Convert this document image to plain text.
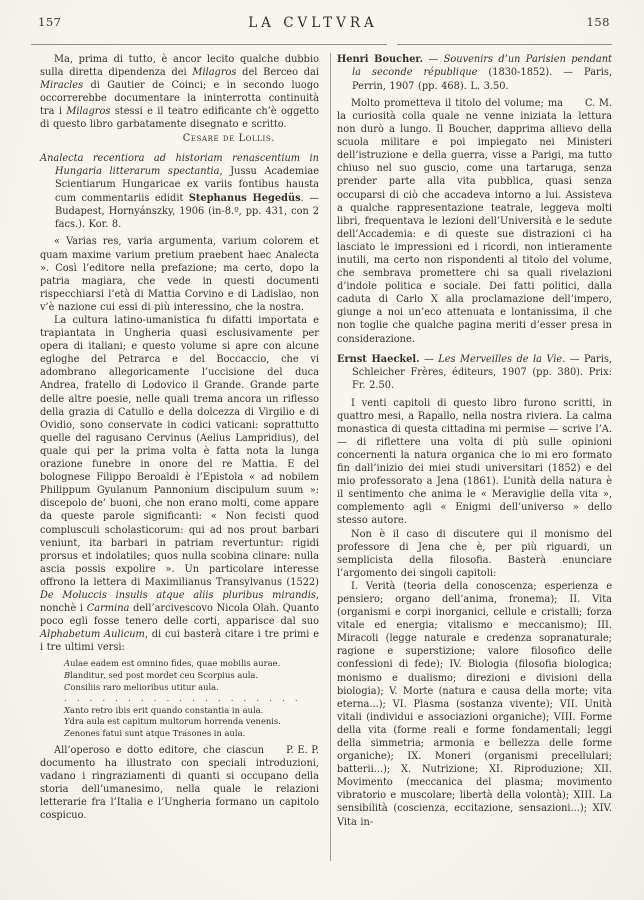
157	LA CVLTVRA	158

Ma, prima di tutto, è ancor lecito qualche dubbio sulla diretta dipendenza dei Milagros del Berceo dai Miracles di Gautier de Coinci; e in secondo luogo occorrerebbe documentare la ininterrotta continuità tra i Milagros stessi e il teatro edificante ch’è oggetto di questo libro garbatamente disegnato e scritto.

Cesare de Lollis.

Analecta recentiora ad historiam renascentium in Hungaria litterarum spectantia, Jussu Academiae Scientiarum Hungaricae ex variis fontibus hausta cum commentariis edidit Stephanus Hegedüs. — Budapest, Hornyánszky, 1906 (in-8.º, pp. 431, con 2 facs.). Kor. 8.

« Varias res, varia argumenta, varium colorem et quam maxime varium pretium praebent haec Analecta ». Così l’editore nella prefazione; ma certo, dopo la patria magiara, che vede in questi documenti rispecchiarsi l’età di Mattia Corvino e di Ladislao, non v’è nazione cui essi di più interessino, che la nostra.

La cultura latino-umanistica fu difatti importata e trapiantata in Ungheria quasi esclusivamente per opera di italiani; e questo volume si apre con alcune egloghe del Petrarca e del Boccaccio, che vi adombrano allegoricamente l’uccisione del duca Andrea, fratello di Lodovico il Grande. Grande parte delle altre poesie, nelle quali trema ancora un riflesso della grazia di Catullo e della dolcezza di Virgilio e di Ovidio, sono conservate in codici vaticani: soprattutto quelle del ragusano Cervinus (Aelius Lampridius), del quale qui per la prima volta è fatta nota la lunga orazione funebre in onore del re Mattia. E del bolognese Filippo Beroaldi è l’Epistola « ad nobilem Philippum Gyulanum Pannonium discipulum suum »: discepolo de’ buoni, che non erano molti, come appare da queste parole significanti: « Non fecisti quod complusculi scholasticorum: qui ad nos prout barbari veniunt, ita barbari in patriam revertuntur: rigidi prorsus et indolatiles; quos nulla scobina clinare: nulla ascia possis expolire ». Un particolare interesse offrono la lettera di Maximilianus Transylvanus (1522) De Moluccis insulis atque aliis pluribus mirandis, nonchè i Carmina dell’arcivescovo Nicola Olah. Quanto poco egli fosse tenero delle corti, apparisce dal suo Alphabetum Aulicum, di cui basterà citare i tre primi e i tre ultimi versi:

Aulae eadem est omnino fides, quae mobilis aurae.
Blanditur, sed post mordet ceu Scorpius aula.
Consiliis raro melioribus utitur aula.
. . . . . . . . . . . . . . . . . . .
Xanto retro ibis erit quando constantia in aula.
Ydra aula est capitum multorum horrenda venenis.
Zenones fatui sunt atque Trasones in aula.

P. E. P.
All’operoso e dotto editore, che ciascun documento ha illustrato con speciali introduzioni, vadano i ringraziamenti di quanti si occupano della storia dell’umanesimo, nella quale le relazioni letterarie fra l’Italia e l’Ungheria formano un capitolo cospicuo.

Henri Boucher. — Souvenirs d’un Parisien pendant la seconde république (1830-1852). — Paris, Perrin, 1907 (pp. 468). L. 3.50.

C. M.
Molto prometteva il titolo del volume; ma la curiosità colla quale ne venne iniziata la lettura non durò a lungo. Il Boucher, dapprima allievo della scuola militare e poi impiegato nei Ministeri dell’istruzione e della guerra, visse a Parigi, ma tutto chiuso nel suo guscio, come una tartaruga, senza prender parte alla vita pubblica, quasi senza occuparsi di ciò che accadeva intorno a lui. Assisteva a qualche rappresentazione teatrale, leggeva molti libri, frequentava le lezioni dell’Università e le sedute dell’Accademia: e di queste sue distrazioni ci ha lasciato le impressioni ed i ricordi, non intieramente inutili, ma certo non rispondenti al titolo del volume, che sembrava promettere chi sa quali rivelazioni d’indole politica e sociale. Dei fatti politici, dalla caduta di Carlo X alla proclamazione dell’impero, giunge a noi un’eco attenuata e lontanissima, il che non toglie che qualche pagina meriti d’esser presa in considerazione.

Ernst Haeckel. — Les Merveilles de la Vie. — Paris, Schleicher Frères, éditeurs, 1907 (pp. 380). Prix: Fr. 2.50.

I venti capitoli di questo libro furono scritti, in quattro mesi, a Rapallo, nella nostra riviera. La calma monastica di questa cittadina mi permise — scrive l’A. — di riflettere una volta di più sulle opinioni concernenti la natura organica che io mi ero formato fin dall’inizio dei miei studi universitari (1852) e del mio professorato a Jena (1861). L’unità della natura è il sentimento che anima le « Meraviglie della vita », complemento agli « Enigmi dell’universo » dello stesso autore.

Non è il caso di discutere qui il monismo del professore di Jena che è, per più riguardi, un semplicista della filosofia. Basterà enunciare l’argomento dei singoli capitoli:

I. Verità (teoria della conoscenza; esperienza e pensiero; organo dell’anima, fronema); II. Vita (organismi e corpi inorganici, cellule e cristalli; forza vitale ed energia; vitalismo e meccanismo); III. Miracoli (legge naturale e credenza sopranaturale; ragione e superstizione; valore filosofico delle confessioni di fede); IV. Biologia (filosofia biologica; monismo e dualismo; direzioni e divisioni della biologia); V. Morte (natura e causa della morte; vita eterna...); VI. Plasma (sostanza vivente); VII. Unità vitali (individui e associazioni organiche); VIII. Forme della vita (forme reali e forme fondamentali; leggi della simmetria; armonia e bellezza delle forme organiche); IX. Moneri (organismi precellulari; batterii...); X. Nutrizione; XI. Riproduzione; XII. Movimento (meccanica del plasma; movimento vibratorio e muscolare; libertà della volontà); XIII. La sensibilità (coscienza, eccitazione, sensazioni...); XIV. Vita in-
